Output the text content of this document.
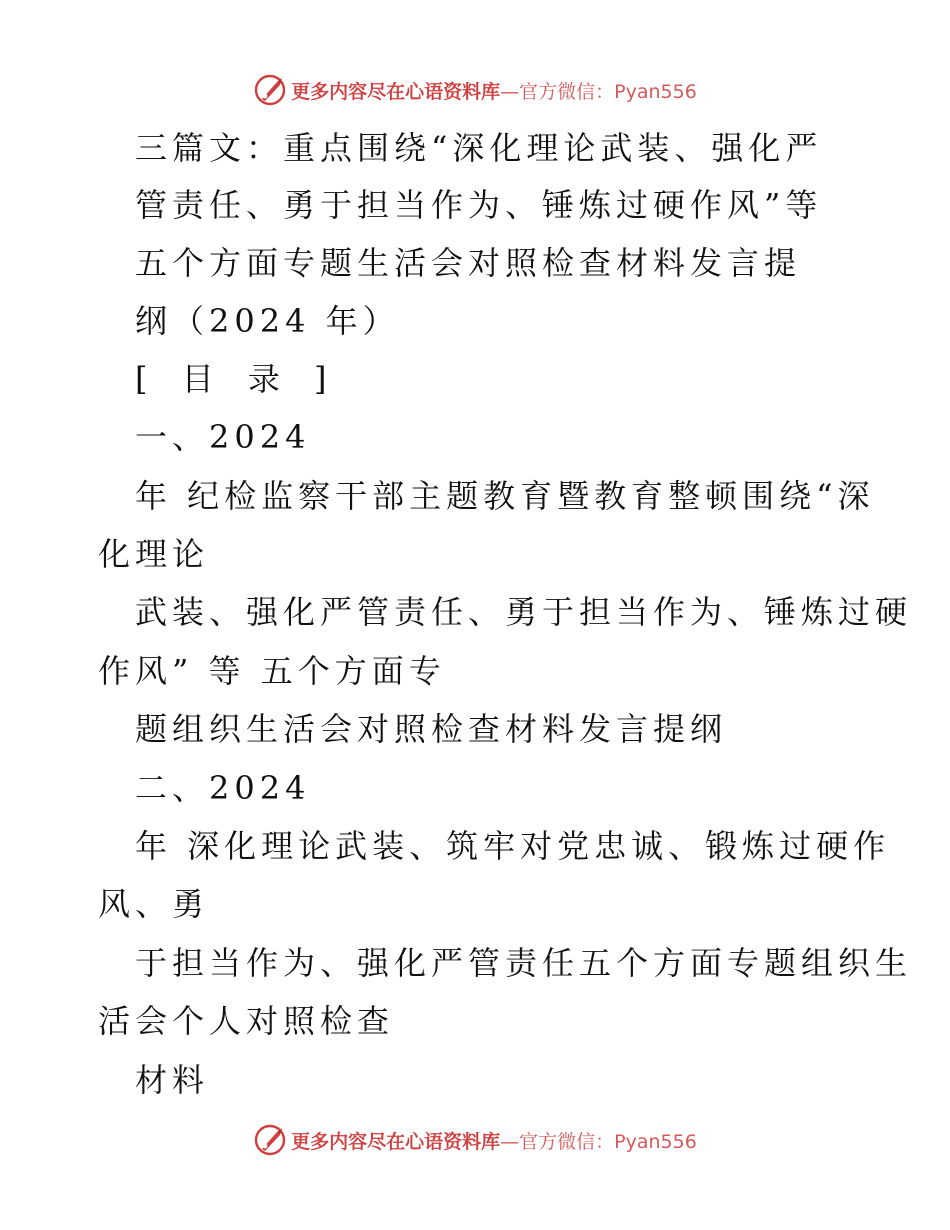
更多内容尽在心语资料库 —官方微信：Pyan556
三篇文：重点围绕“深化理论武装、强化严
管责任、勇于担当作为、锤炼过硬作风”等
五个方面专题生活会对照检查材料发言提
纲（2024 年）
[ 目 录 ]
一、2024
年 纪检监察干部主题教育暨教育整顿围绕“深
化理论
武装、强化严管责任、勇于担当作为、锤炼过硬
作风” 等 五个方面专
题组织生活会对照检查材料发言提纲
二、2024
年 深化理论武装、筑牢对党忠诚、锻炼过硬作
风、勇
于担当作为、强化严管责任五个方面专题组织生
活会个人对照检查
材料
更多内容尽在心语资料库 —官方微信：Pyan556
